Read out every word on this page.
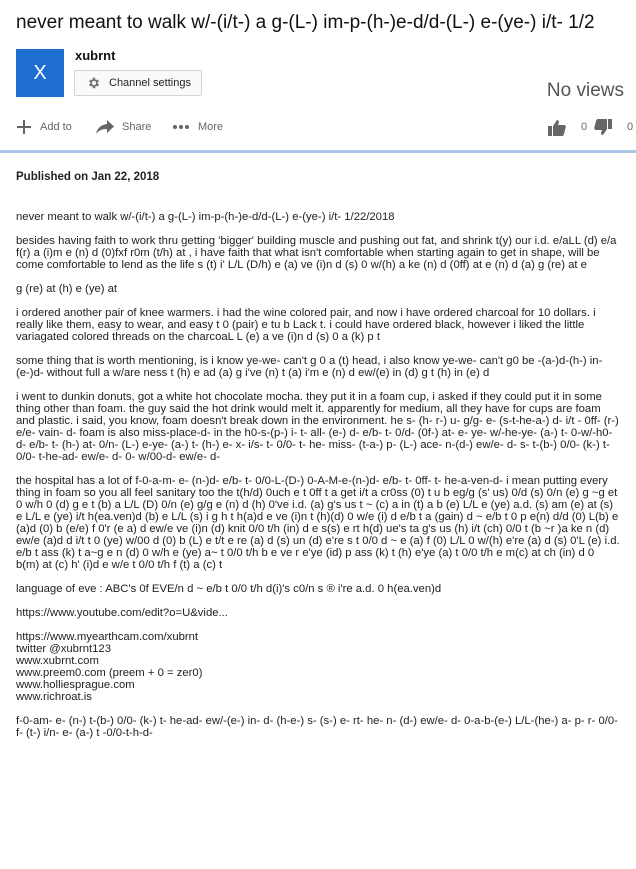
never meant to walk w/-(i/t-) a g-(L-) im-p-(h-)e-d/d-(L-) e-(ye-) i/t- 1/2
X
xubrnt
Channel settings	No views
Add to	Share	More	0	0
Published on Jan 22, 2018

never meant to walk w/-(i/t-) a g-(L-) im-p-(h-)e-d/d-(L-) e-(ye-) i/t- 1/22/2018

besides having faith to work thru getting 'bigger' building muscle and pushing out fat, and shrink t(y) our i.d. e/aLL (d) e/a f(r) a (i)m e (n) d (0)fxf r0m (t/h) at , i have faith that what isn't comfortable when starting again to get in shape, will be come comfortable to lend as the life s (t) i' L/L (D/h) e (a) ve (i)n d (s) 0 w/(h) a ke (n) d (0ff) at e (n) d (a) g (re) at e

g (re) at (h) e (ye) at

i ordered another pair of knee warmers. i had the wine colored pair, and now i have ordered charcoal for 10 dollars. i really like them, easy to wear, and easy t 0 (pair) e tu b Lack t. i could have ordered black, however i liked the little variagated colored threads on the charcoaL L (e) a ve (i)n d (s) 0 a (k) p t

some thing that is worth mentioning, is i know ye-we- can't g 0 a (t) head, i also know ye-we- can't g0 be -(a-)d-(h-) in-(e-)d- without full a w/are ness t (h) e ad (a) g i've (n) t (a) i'm e (n) d ew/(e) in (d) g t (h) in (e) d

i went to dunkin donuts, got a white hot chocolate mocha. they put it in a foam cup, i asked if they could put it in some thing other than foam. the guy said the hot drink would melt it. apparently for medium, all they have for cups are foam and plastic. i said, you know, foam doesn't break down in the environment. he s- (h- r-) u- g/g- e- (s-t-he-a-) d- i/t - 0ff- (r-) e/e- vain- d- foam is also miss-place-d- in the h0-s-(p-) i- t- all- (e-) d- e/b- t- 0/d- (0f-) at- e- ye- w/-he-ye- (a-) t- 0-w/-h0- d- e/b- t- (h-) at- 0/n- (L-) e-ye- (a-) t- (h-) e- x- i/s- t- 0/0- t- he- miss- (t-a-) p- (L-) ace- n-(d-) ew/e- d- s- t-(b-) 0/0- (k-) t- 0/0- t-he-ad- ew/e- d- 0- w/00-d- ew/e- d-

the hospital has a lot of f-0-a-m- e- (n-)d- e/b- t- 0/0-L-(D-) 0-A-M-e-(n-)d- e/b- t- 0ff- t- he-a-ven-d- i mean putting every thing in foam so you all feel sanitary too the t(h/d) 0uch e t 0ff t a get i/t a cr0ss (0) t u b eg/g (s' us) 0/d (s) 0/n (e) g ~g et 0 w/h 0 (d) g e t (b) a L/L (D) 0/n (e) g/g e (n) d (h) 0've i.d. (a) g's us t ~ (c) a in (t) a b (e) L/L e (ye) a.d. (s) am (e) at (s) e L/L e (ye) i/t h(ea.ven)d (b) e L/L (s) i g h t h(a)d e ve (i)n t (h)(d) 0 w/e (i) d e/b t a (gain) d ~ e/b t 0 p e(n) d/d (0) L(b) e (a)d (0) b (e/e) f 0'r (e a) d ew/e ve (i)n (d) knit 0/0 t/h (in) d e s(s) e rt h(d) ue's ta g's us (h) i/t (ch) 0/0 t (b ~r )a ke n (d) ew/e (a)d d i/t t 0 (ye) w/00 d (0) b (L) e t/t e re (a) d (s) un (d) e're s t 0/0 d ~ e (a) f (0) L/L 0 w/(h) e're (a) d (s) 0'L (e) i.d. e/b t ass (k) t a~g e n (d) 0 w/h e (ye) a~ t 0/0 t/h b e ve r e'ye (id) p ass (k) t (h) e'ye (a) t 0/0 t/h e m(c) at ch (in) d 0 b(m) at (c) h' (i)d e w/e t 0/0 t/h f (t) a (c) t

language of eve : ABC's 0f EVE/n d ~ e/b t 0/0 t/h d(i)'s c0/n s ® i're a.d. 0 h(ea.ven)d

https://www.youtube.com/edit?o=U&vide...

https://www.myearthcam.com/xubrnt
twitter @xubrnt123
www.xubrnt.com
www.preem0.com (preem + 0 = zer0)
www.holliesprague.com
www.richroat.is

f-0-am- e- (n-) t-(b-) 0/0- (k-) t- he-ad- ew/-(e-) in- d- (h-e-) s- (s-) e- rt- he- n- (d-) ew/e- d- 0-a-b-(e-) L/L-(he-) a- p- r- 0/0- f- (t-) i/n- e- (a-) t -0/0-t-h-d-
